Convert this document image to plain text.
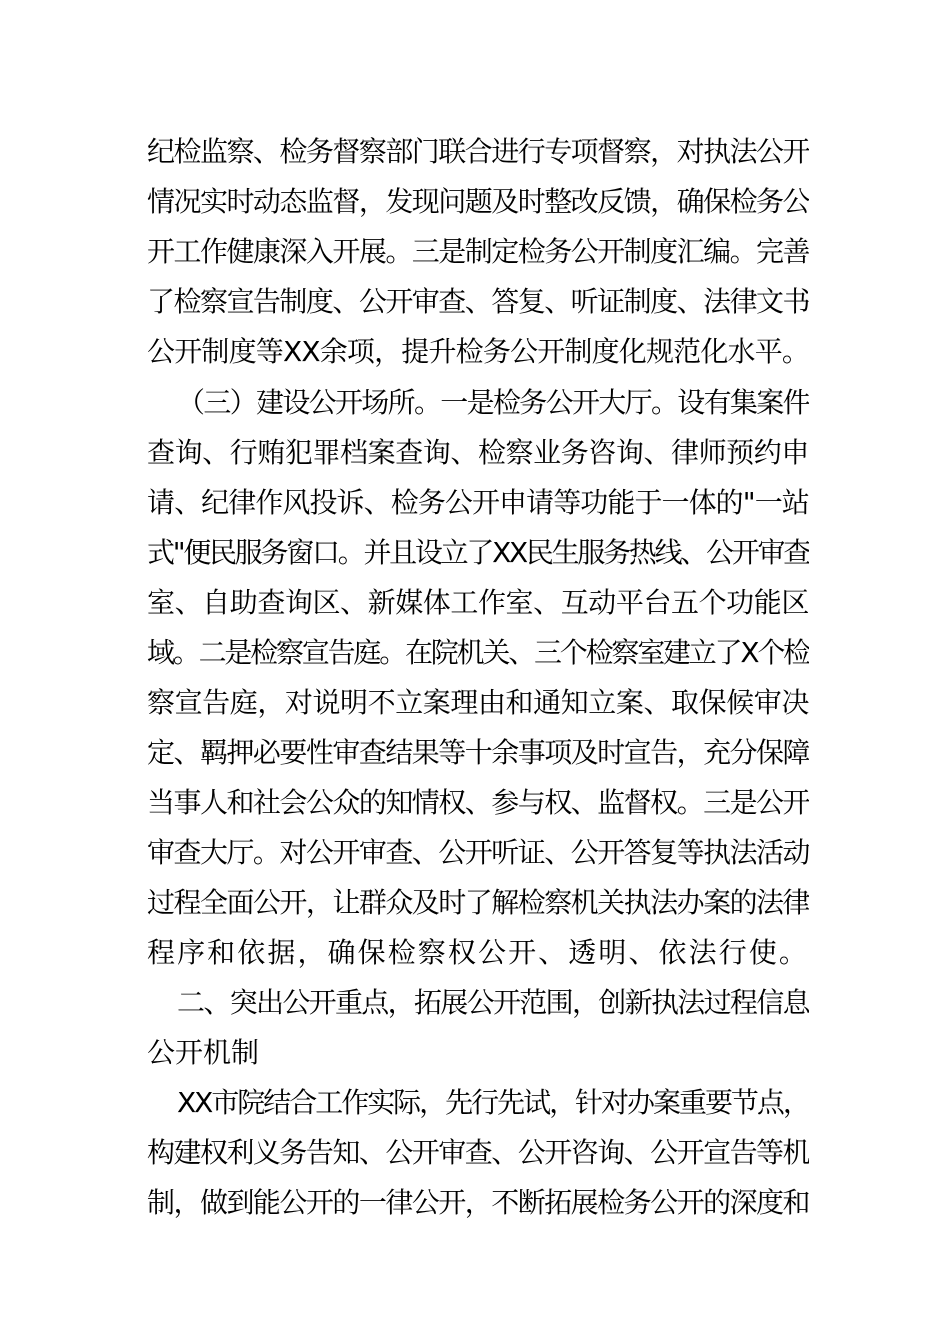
纪检监察、检务督察部门联合进行专项督察，对执法公开
情况实时动态监督，发现问题及时整改反馈，确保检务公
开工作健康深入开展。三是制定检务公开制度汇编。完善
了检察宣告制度、公开审查、答复、听证制度、法律文书
公开制度等XX余项，提升检务公开制度化规范化水平。
（三）建设公开场所。一是检务公开大厅。设有集案件
查询、行贿犯罪档案查询、检察业务咨询、律师预约申
请、纪律作风投诉、检务公开申请等功能于一体的"一站
式"便民服务窗口。并且设立了XX民生服务热线、公开审查
室、自助查询区、新媒体工作室、互动平台五个功能区
域。二是检察宣告庭。在院机关、三个检察室建立了X个检
察宣告庭，对说明不立案理由和通知立案、取保候审决
定、羁押必要性审查结果等十余事项及时宣告，充分保障
当事人和社会公众的知情权、参与权、监督权。三是公开
审查大厅。对公开审查、公开听证、公开答复等执法活动
过程全面公开，让群众及时了解检察机关执法办案的法律
程序和依据，确保检察权公开、透明、依法行使。
二、突出公开重点，拓展公开范围，创新执法过程信息
公开机制
XX市院结合工作实际，先行先试，针对办案重要节点，
构建权利义务告知、公开审查、公开咨询、公开宣告等机
制，做到能公开的一律公开，不断拓展检务公开的深度和
